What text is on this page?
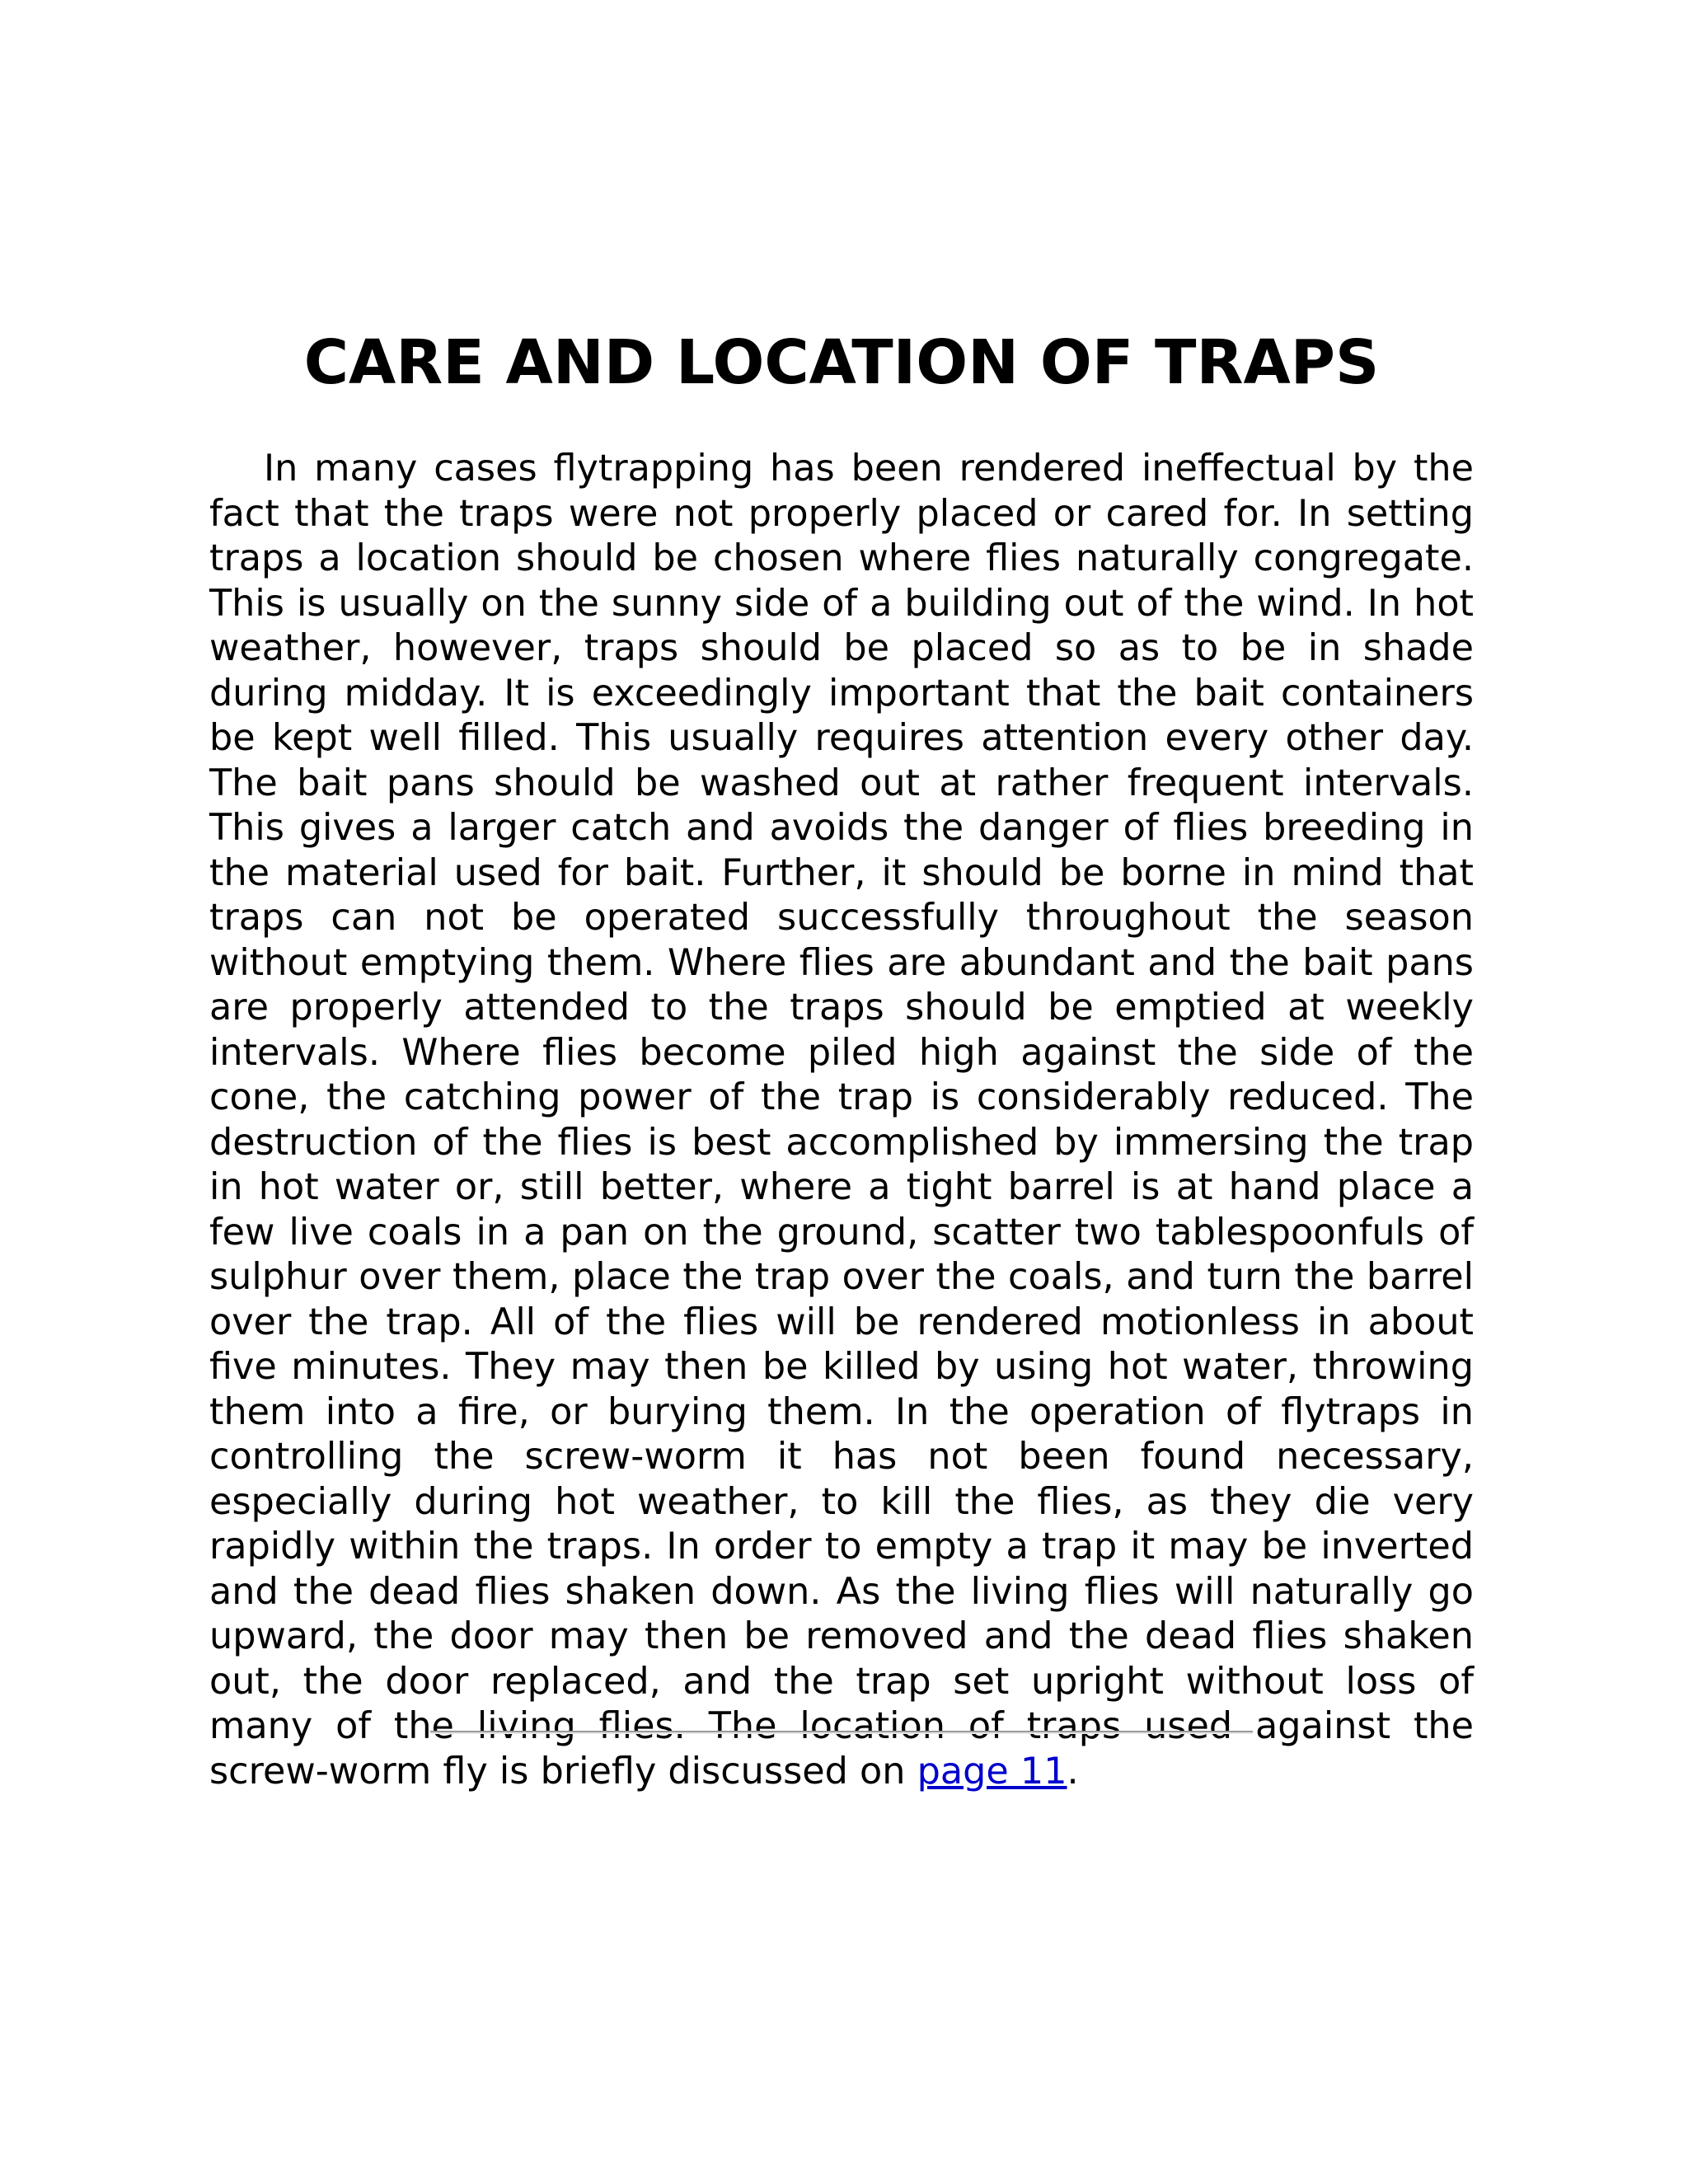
CARE AND LOCATION OF TRAPS

In many cases flytrapping has been rendered ineffectual by the fact that the traps were not properly placed or cared for. In setting traps a location should be chosen where flies naturally congregate. This is usually on the sunny side of a building out of the wind. In hot weather, however, traps should be placed so as to be in shade during midday. It is exceedingly important that the bait containers be kept well filled. This usually requires attention every other day. The bait pans should be washed out at rather frequent intervals. This gives a larger catch and avoids the danger of flies breeding in the material used for bait. Further, it should be borne in mind that traps can not be operated successfully throughout the season without emptying them. Where flies are abundant and the bait pans are properly attended to the traps should be emptied at weekly intervals. Where flies become piled high against the side of the cone, the catching power of the trap is considerably reduced. The destruction of the flies is best accomplished by immersing the trap in hot water or, still better, where a tight barrel is at hand place a few live coals in a pan on the ground, scatter two tablespoonfuls of sulphur over them, place the trap over the coals, and turn the barrel over the trap. All of the flies will be rendered motionless in about five minutes. They may then be killed by using hot water, throwing them into a fire, or burying them. In the operation of flytraps in controlling the screw-worm it has not been found necessary, especially during hot weather, to kill the flies, as they die very rapidly within the traps. In order to empty a trap it may be inverted and the dead flies shaken down. As the living flies will naturally go upward, the door may then be removed and the dead flies shaken out, the door replaced, and the trap set upright without loss of many of the living flies. The location of traps used against the screw-worm fly is briefly discussed on page 11.
